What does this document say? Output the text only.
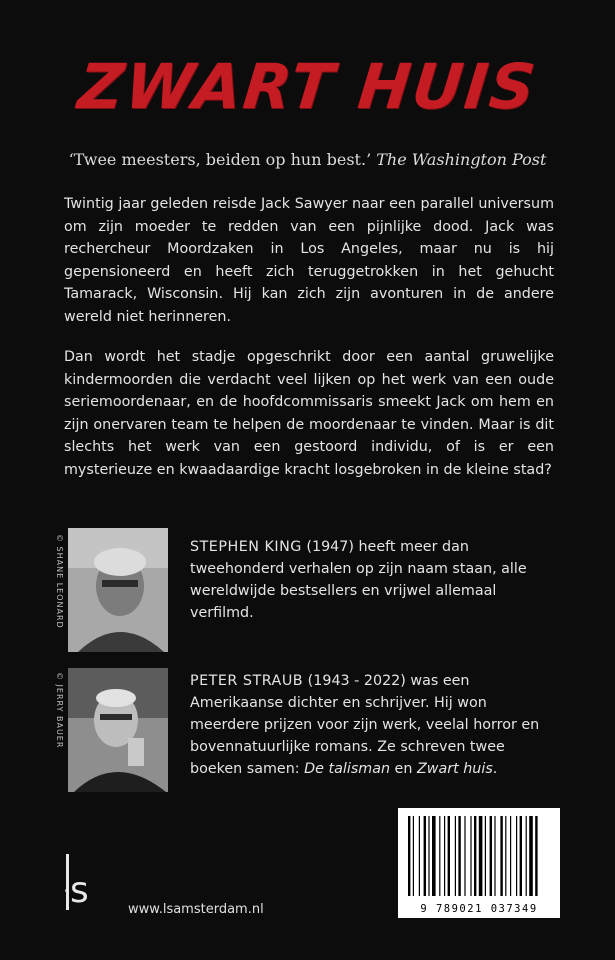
ZWART HUIS
‘Twee meesters, beiden op hun best.’ The Washington Post

Twintig jaar geleden reisde Jack Sawyer naar een parallel universum om zijn moeder te redden van een pijnlijke dood. Jack was rechercheur Moordzaken in Los Angeles, maar nu is hij gepensioneerd en heeft zich teruggetrokken in het gehucht Tamarack, Wisconsin. Hij kan zich zijn avonturen in de andere wereld niet herinneren.

Dan wordt het stadje opgeschrikt door een aantal gruwelijke kindermoorden die verdacht veel lijken op het werk van een oude seriemoordenaar, en de hoofdcommissaris smeekt Jack om hem en zijn onervaren team te helpen de moordenaar te vinden. Maar is dit slechts het werk van een gestoord individu, of is er een mysterieuze en kwaadaardige kracht losgebroken in de kleine stad?

© SHANE LEONARD	STEPHEN KING (1947) heeft meer dan tweehonderd verhalen op zijn naam staan, alle wereldwijde bestsellers en vrijwel allemaal verfilmd.
© JERRY BAUER	PETER STRAUB (1943 - 2022) was een Amerikaanse dichter en schrijver. Hij won meerdere prijzen voor zijn werk, veelal horror en bovennatuurlijke romans. Ze schreven twee boeken samen: De talisman en Zwart huis.
·s	www.lsamsterdam.nl	9 789021 037349
